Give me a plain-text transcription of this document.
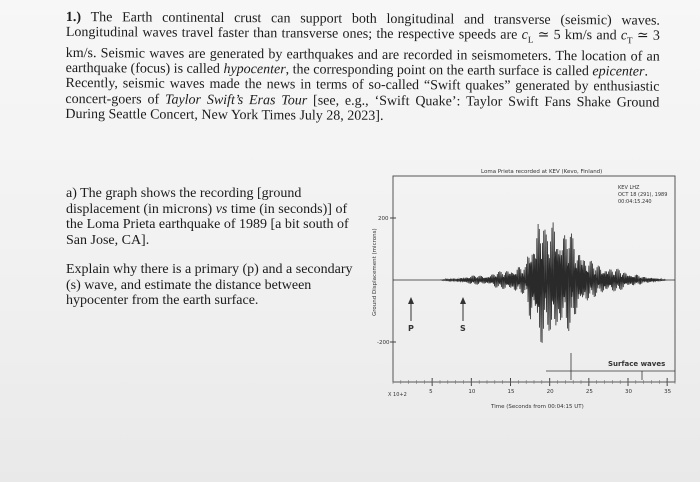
1.) The Earth continental crust can support both longitudinal and transverse (seismic) waves. Longitudinal waves travel faster than transverse ones; the respective speeds are $c_L$ ≃ 5 km/s and $c_T$ ≃ 3 km/s. Seismic waves are generated by earthquakes and are recorded in seismometers. The location of an earthquake (focus) is called hypocenter, the corresponding point on the earth surface is called epicenter.

Recently, seismic waves made the news in terms of so-called “Swift quakes” generated by enthusiastic concert-goers of Taylor Swift’s Eras Tour [see, e.g., ‘Swift Quake’: Taylor Swift Fans Shake Ground During Seattle Concert, New York Times July 28, 2023].

a) The graph shows the recording [ground displacement (in microns) vs time (in seconds)] of the Loma Prieta earthquake of 1989 [a bit south of San Jose, CA].

Explain why there is a primary (p) and a secondary (s) wave, and estimate the distance between hypocenter from the earth surface.

Loma Prieta recorded at KEV (Kevo, Finland)
KEV LHZ
OCT 18 (291), 1989
00:04:15.240
Ground Displacement (microns)
200
-200
5	10	15	20	25	30	35
X 10+2
Time (Seconds from 00:04:15 UT)
P	S
Surface waves
